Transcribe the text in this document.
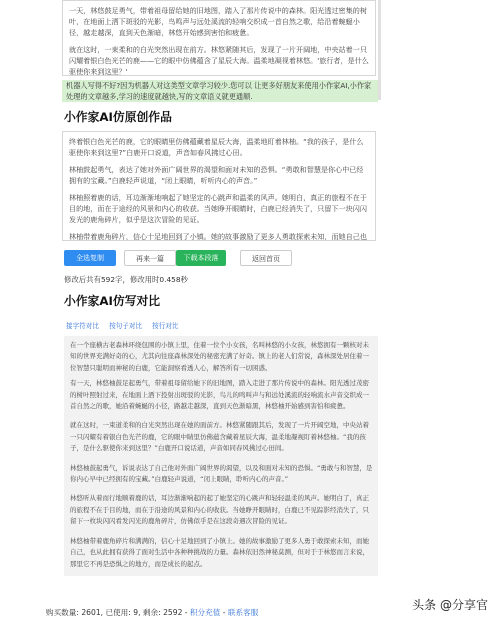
一天，林悠鼓足勇气，带着祖母留给她的旧地图，踏入了那片传说中的森林。阳光透过密集的树叶，在地面上洒下斑驳的光影，鸟鸣声与远处溪流的轻响交织成一首自然之歌，给沿着蜿蜒小径，越走越深，直到天色渐暗，林悠开始感到害怕和疲惫。

就在这时，一束柔和的白光突然出现在前方。林悠紧随其后，发现了一片开阔地，中央站着一只闪耀着银白色光芒的鹿——它的眼中仿佛蕴含了星辰大海。温柔地凝视着林悠。'旅行者，是什么驱使你来到这里？'

机器人写得不好?因为机器人对这类型文章学习较少.您可以 让更多好朋友来使用小作家AI,小作家处理的文章越多,学习的速度就越快,写的文章语义就更通顺.
小作家AI仿原创作品

终着银白色光芒的鹿，它的眼睛里仿佛蕴藏着星辰大海，温柔地盯着林柚。“我的孩子，是什么驱使你来到这里?”白鹿开口说道，声音如春风拂过心田。

林柚鼓起勇气，表达了她对外面广阔世界的渴望和面对未知的恐惧。“勇敢和智慧是你心中已经拥有的宝藏。”白鹿轻声说道，“闭上眼睛，听听内心的声音。”

林柚照着鹿的话，耳边渐渐地响起了她坚定的心跳声和温柔的风声。她明白，真正的旅程不在于目的地，而在于途经的风景和内心的收获。当她睁开眼睛时，白鹿已经消失了，只留下一块闪闪发光的鹿角碎片，似乎是这次冒险的见证。

林柚带着鹿角碎片，信心十足地回到了小镇。她的故事激励了更多人勇敢探索未知，而她自己也

全选复制	再来一篇	下载本段落	返回首页
修改后共有592字，修改用时0.458秒
小作家AI仿写对比
接字符对比 按句子对比 按行对比

在一个座横古老森林环绕包围的小镇上里，住着一位个小女孩，名叫林悠的小女孩，林悠拥有一颗核对未知的世界充满好奇的心，尤其向往座森林深处的秘密充满了好奇。镇上的老人们常说，森林深处居住着一位智慧只聪明而神秘的白鹿，它能洞察看透人心，解答所有一切困惑。

有一天，林悠柚鼓足起勇气，带着祖母留给她下的旧地图，踏入走进了那片传说中的森林。阳光透过茂密的树叶照射过来，在地面上洒下投射出斑驳的光影，鸟儿的鸣叫声与和远处溪流的轻响流水声音交织成一首自然之的歌，她沿着蜿蜒的小径，路越走越深，直到天色渐暗黑，林悠柚开始感到害怕和疲惫。

就在这时，一束道柔和的白光突然出现在她的面前方。林悠紧随跟其后，发现了一片开阔空地，中央站着一只闪耀有着银白色光芒的鹿，它的眼中睛里仿佛蕴含藏着星辰大海，温柔地凝视盯着林悠柚。“我的孩子，是什么驱使你来到这里？”白鹿开口说话道，声音如同春风拂过心田间。

林悠柚鼓起勇气，诉说表达了自己他对外面广阔世界的渴望，以及和面对未知的恐惧。“勇敢与和智慧，是你内心早中已经拥有的宝藏。”白鹿轻声说道，“闭上眼睛，聆听内心的声音。”

林悠听从着而行地顺着鹿的话，耳边渐渐响起的起了她坚定的心跳声和轻轻温柔的风声。她明白了，真正的旅程不在于目的地，而在于沿途的风景和内心的收获。当她睁开眼睛时，白鹿已不见踪影经消失了，只留下一枚块闪闪看发闪光的鹿角碎片，仿佛似乎是在这段奇遇次冒险的见证。

林悠柚带着鹿角碎片和满满的，信心十足地回到了小镇上。她的故事激励了更多人勇于敢探索未知，而她自己，也从此拥有获得了面对生活中各种种挑战的力量。森林依旧然神秘莫测，但对于于林悠而言来说，那里它不再是恐惧之的地方，而是成长的起点。

购买数量: 2601, 已使用: 9, 剩余: 2592 - 积分充值 - 联系客服
头条 @分享官
